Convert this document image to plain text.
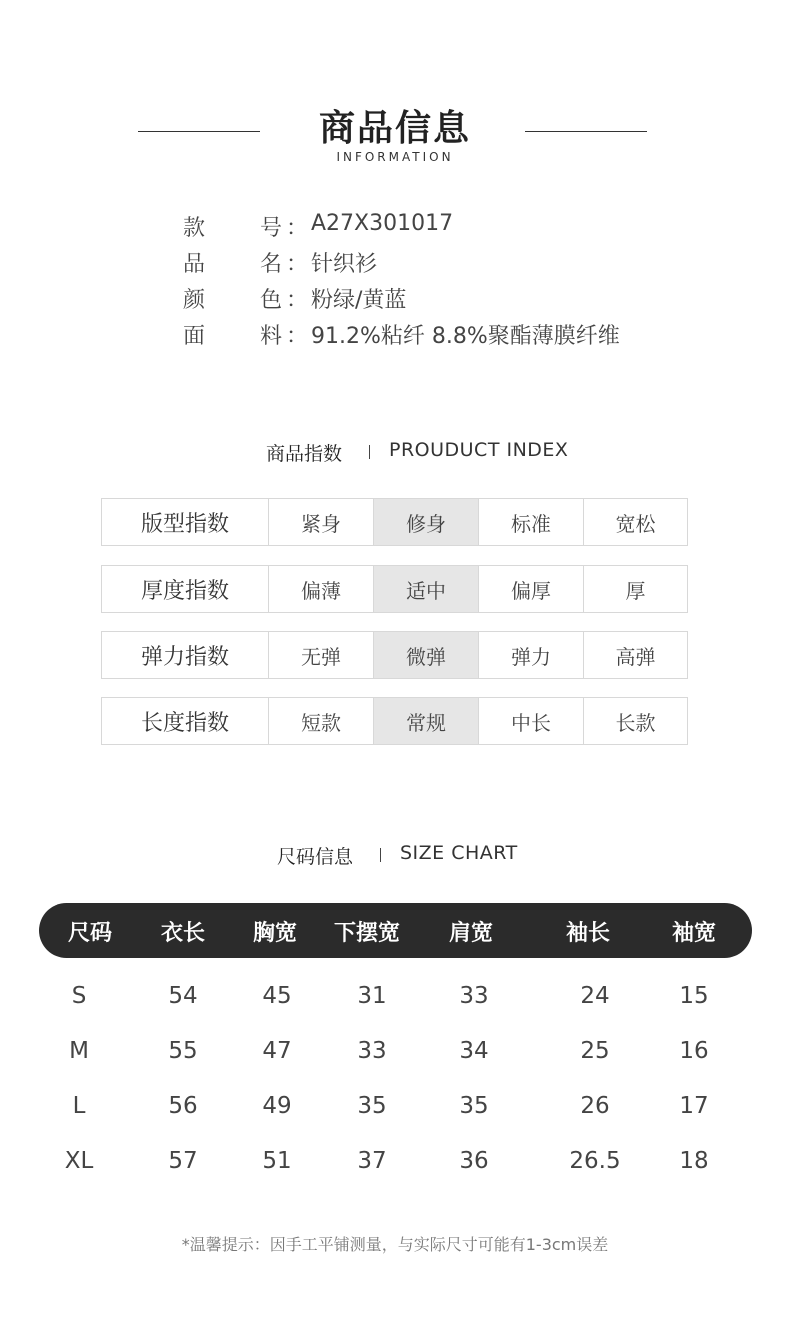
商品信息
INFORMATION
款 号 ： A27X301017
品 名 ： 针织衫
颜 色 ： 粉绿/黄蓝
面 料 ： 91.2%粘纤 8.8%聚酯薄膜纤维
商品指数 PROUDUCT INDEX
版型指数	紧身	修身	标准	宽松
厚度指数	偏薄	适中	偏厚	厚
弹力指数	无弹	微弹	弹力	高弹
长度指数	短款	常规	中长	长款
尺码信息 SIZE CHART
尺码 衣长 胸宽 下摆宽 肩宽	袖长	袖宽
S	54	45	31	33	24	15
M	55	47	33	34	25	16
L	56	49	35	35	26	17
XL	57	51	37	36	26.5	18
*温馨提示：因手工平铺测量，与实际尺寸可能有1-3cm误差
